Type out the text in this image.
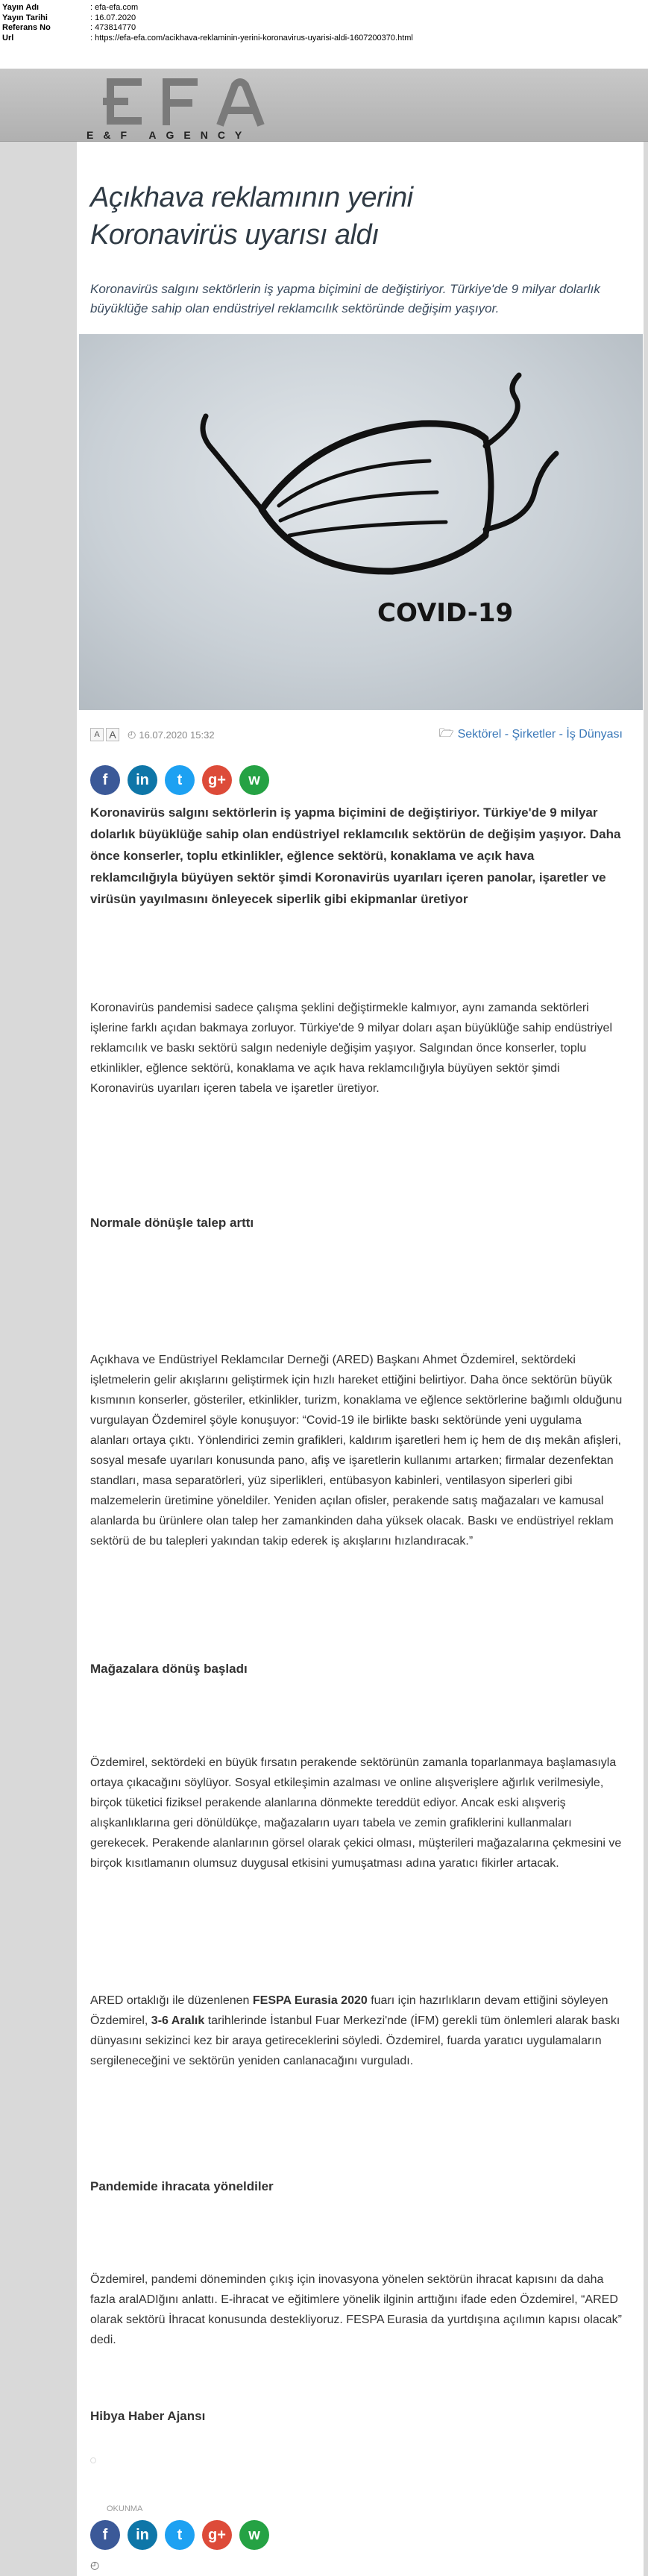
Yayın Adı	: efa-efa.com
Yayın Tarihi	: 16.07.2020
Referans No	: 473814770
Url	: https://efa-efa.com/acikhava-reklaminin-yerini-koronavirus-uyarisi-aldi-1607200370.html
E&F AGENCY
Açıkhava reklamının yerini
Koronavirüs uyarısı aldı

Koronavirüs salgını sektörlerin iş yapma biçimini de değiştiriyor. Türkiye'de 9 milyar dolarlık büyüklüğe sahip olan endüstriyel reklamcılık sektöründe değişim yaşıyor.

COVID-19
A A	◴ 16.07.2020 15:32	🗁 Sektörel - Şirketler - İş Dünyası
f in t g+ w

Koronavirüs salgını sektörlerin iş yapma biçimini de değiştiriyor. Türkiye'de 9 milyar dolarlık büyüklüğe sahip olan endüstriyel reklamcılık sektörün de değişim yaşıyor. Daha önce konserler, toplu etkinlikler, eğlence sektörü, konaklama ve açık hava reklamcılığıyla büyüyen sektör şimdi Koronavirüs uyarıları içeren panolar, işaretler ve virüsün yayılmasını önleyecek siperlik gibi ekipmanlar üretiyor

Koronavirüs pandemisi sadece çalışma şeklini değiştirmekle kalmıyor, aynı zamanda sektörleri işlerine farklı açıdan bakmaya zorluyor. Türkiye'de 9 milyar doları aşan büyüklüğe sahip endüstriyel reklamcılık ve baskı sektörü salgın nedeniyle değişim yaşıyor. Salgından önce konserler, toplu etkinlikler, eğlence sektörü, konaklama ve açık hava reklamcılığıyla büyüyen sektör şimdi Koronavirüs uyarıları içeren tabela ve işaretler üretiyor.

Normale dönüşle talep arttı

Açıkhava ve Endüstriyel Reklamcılar Derneği (ARED) Başkanı Ahmet Özdemirel, sektördeki işletmelerin gelir akışlarını geliştirmek için hızlı hareket ettiğini belirtiyor. Daha önce sektörün büyük kısmının konserler, gösteriler, etkinlikler, turizm, konaklama ve eğlence sektörlerine bağımlı olduğunu vurgulayan Özdemirel şöyle konuşuyor: “Covid-19 ile birlikte baskı sektöründe yeni uygulama alanları ortaya çıktı. Yönlendirici zemin grafikleri, kaldırım işaretleri hem iç hem de dış mekân afişleri, sosyal mesafe uyarıları konusunda pano, afiş ve işaretlerin kullanımı artarken; firmalar dezenfektan standları, masa separatörleri, yüz siperlikleri, entübasyon kabinleri, ventilasyon siperleri gibi malzemelerin üretimine yöneldiler. Yeniden açılan ofisler, perakende satış mağazaları ve kamusal alanlarda bu ürünlere olan talep her zamankinden daha yüksek olacak. Baskı ve endüstriyel reklam sektörü de bu talepleri yakından takip ederek iş akışlarını hızlandıracak.”

Mağazalara dönüş başladı

Özdemirel, sektördeki en büyük fırsatın perakende sektörünün zamanla toparlanmaya başlamasıyla ortaya çıkacağını söylüyor. Sosyal etkileşimin azalması ve online alışverişlere ağırlık verilmesiyle, birçok tüketici fiziksel perakende alanlarına dönmekte tereddüt ediyor. Ancak eski alışveriş alışkanlıklarına geri dönüldükçe, mağazaların uyarı tabela ve zemin grafiklerini kullanmaları gerekecek. Perakende alanlarının görsel olarak çekici olması, müşterileri mağazalarına çekmesini ve birçok kısıtlamanın olumsuz duygusal etkisini yumuşatması adına yaratıcı fikirler artacak.

ARED ortaklığı ile düzenlenen FESPA Eurasia 2020 fuarı için hazırlıkların devam ettiğini söyleyen Özdemirel, 3-6 Aralık tarihlerinde İstanbul Fuar Merkezi'nde (İFM) gerekli tüm önlemleri alarak baskı dünyasını sekizinci kez bir araya getireceklerini söyledi. Özdemirel, fuarda yaratıcı uygulamaların sergileneceğini ve sektörün yeniden canlanacağını vurguladı.

Pandemide ihracata yöneldiler

Özdemirel, pandemi döneminden çıkış için inovasyona yönelen sektörün ihracat kapısını da daha fazla aralADIğını anlattı. E-ihracat ve eğitimlere yönelik ilginin arttığını ifade eden Özdemirel, “ARED olarak sektörü İhracat konusunda destekliyoruz. FESPA Eurasia da yurtdışına açılımın kapısı olacak” dedi.

Hibya Haber Ajansı

OKUNMA

f in t g+ w
◴
